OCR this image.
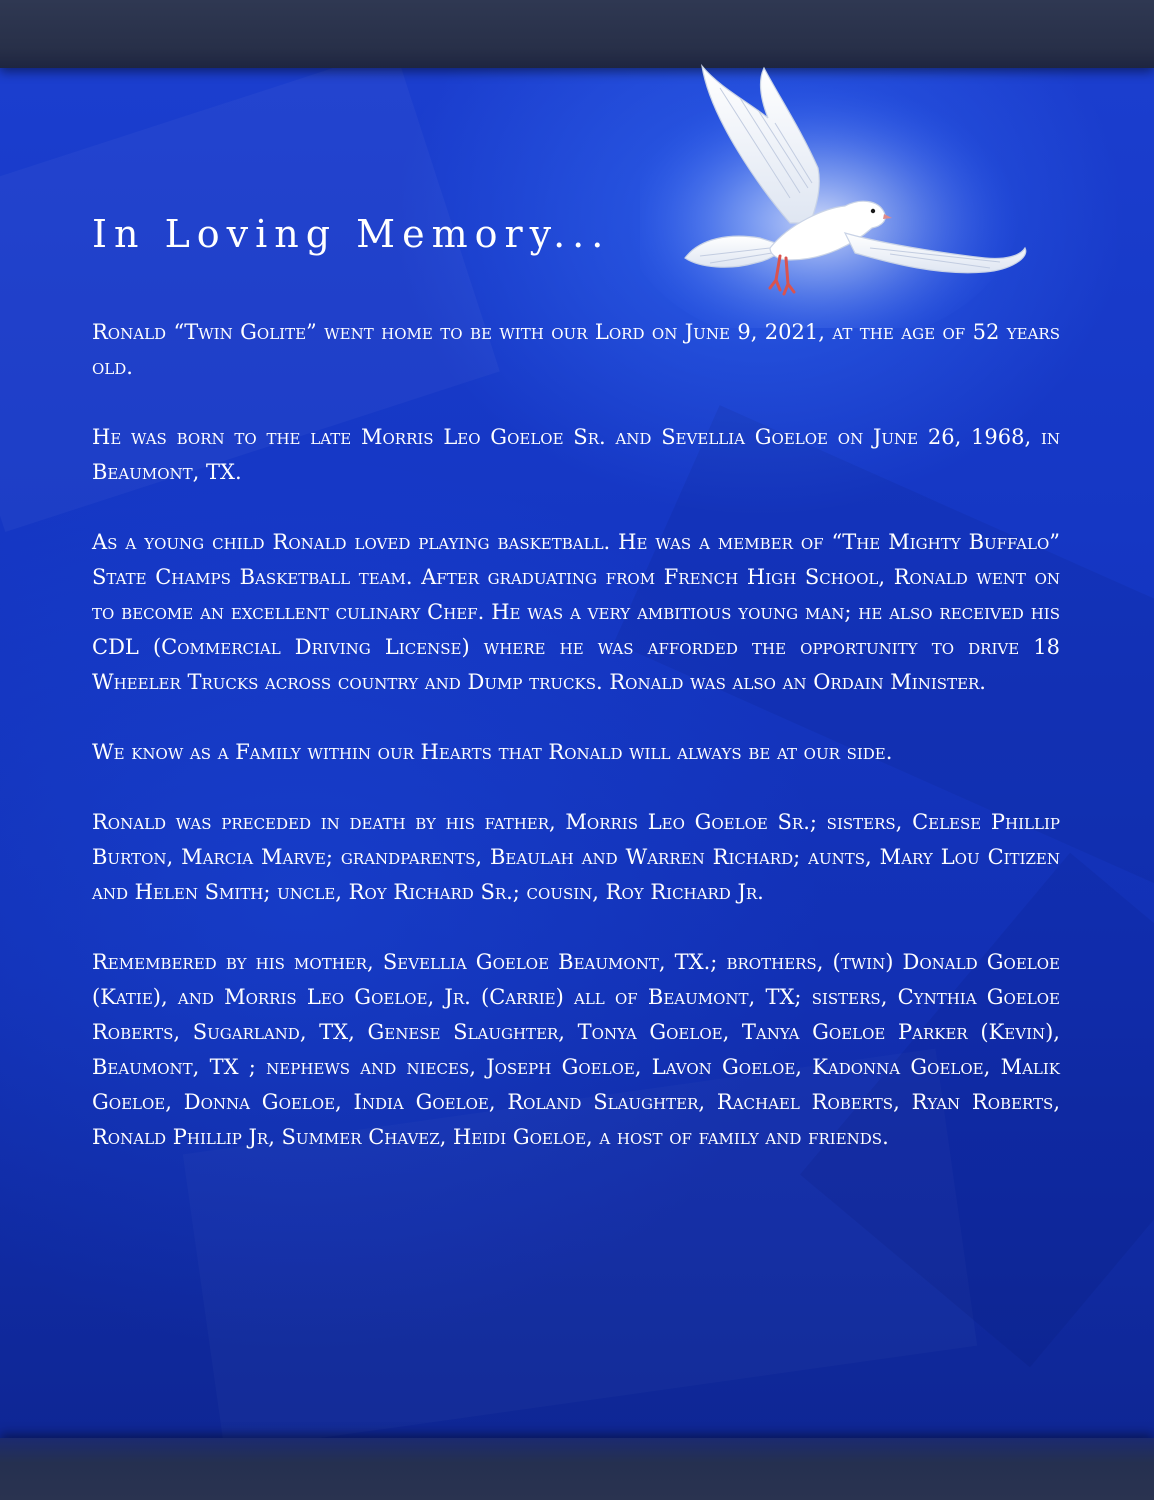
In Loving Memory...

Ronald “Twin Golite” went home to be with our Lord on June 9, 2021, at the age of 52 years old.

He was born to the late Morris Leo Goeloe Sr. and Sevellia Goeloe on June 26, 1968, in Beaumont, TX.

As a young child Ronald loved playing basketball. He was a member of “The Mighty Buffalo” State Champs Basketball team. After graduating from French High School, Ronald went on to become an excellent culinary Chef. He was a very ambitious young man; he also received his CDL (Commercial Driving License) where he was afforded the opportunity to drive 18 Wheeler Trucks across country and Dump trucks. Ronald was also an Ordain Minister.

We know as a Family within our Hearts that Ronald will always be at our side.

Ronald was preceded in death by his father, Morris Leo Goeloe Sr.; sisters, Celese Phillip Burton, Marcia Marve; grandparents, Beaulah and Warren Richard; aunts, Mary Lou Citizen and Helen Smith; uncle, Roy Richard Sr.; cousin, Roy Richard Jr.

Remembered by his mother, Sevellia Goeloe Beaumont, TX.; brothers, (twin) Donald Goeloe (Katie), and Morris Leo Goeloe, Jr. (Carrie) all of Beaumont, TX; sisters, Cynthia Goeloe Roberts, Sugarland, TX, Genese Slaughter, Tonya Goeloe, Tanya Goeloe Parker (Kevin), Beaumont, TX ; nephews and nieces, Joseph Goeloe, Lavon Goeloe, Kadonna Goeloe, Malik Goeloe, Donna Goeloe, India Goeloe, Roland Slaughter, Rachael Roberts, Ryan Roberts, Ronald Phillip Jr, Summer Chavez, Heidi Goeloe, a host of family and friends.
